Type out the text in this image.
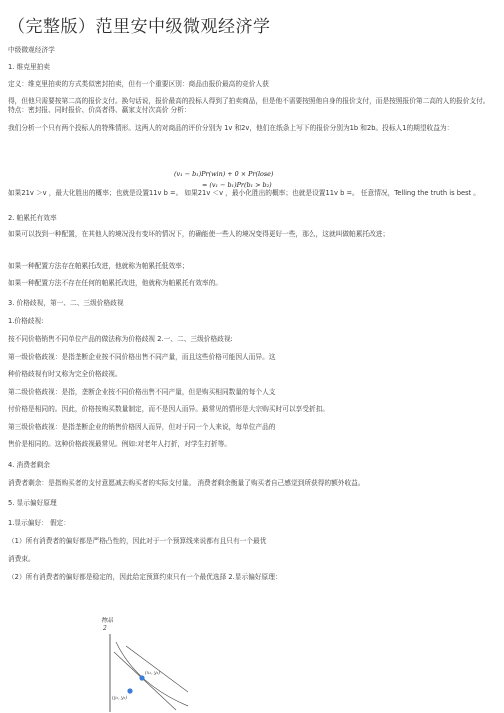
（完整版）范里安中级微观经济学

中级微观经济学

1. 维克里拍卖

定义：维克里拍卖的方式类似密封拍卖，但有一个重要区别：商品由报价最高的竞价人获

得，但他只需要按第二高的报价支付。换句话说，报价最高的投标人得到了拍卖商品，但是他不需要按照他自身的报价支付，而是按照报价第二高的人的报价支付。 特点：密封报、同时报价、价高者得、赢家支付次高价 分析：

我们分析一个只有两个投标人的特殊情形。这两人的对商品的评价分别为 1v 和2v，他们在纸条上写下的报价分别为1b 和2b。投标人1的期望收益为：

(v₁ − b₁)Pr(win) + 0 × Pr(lose)
= (v₁ − b₁)Pr(b₁ > b₂)

如果21v ＞v ，最大化胜出的概率；也就是设置11v b =。 如果21v ＜v ，最小化胜出的概率；也就是设置11v b =。 任意情况，Telling the truth is best 。

2. 帕累托有效率

如果可以找到一种配置，在其他人的境况没有变坏的情况下，的确能使一些人的境况变得更好一些，那么，这就叫做帕累托改进；

如果一种配置方法存在帕累托改进，他就称为帕累托低效率；

如果一种配置方法不存在任何的帕累托改进，他就称为帕累托有效率的。

3. 价格歧视，第一、二、三级价格歧视

1.价格歧视:

按不同价格销售不同单位产品的做法称为价格歧视 2.一、二、三级价格歧视:

第一级价格歧视：是指垄断企业按不同价格出售不同产量，而且这些价格可能因人而异。这

种价格歧视有时又称为完全价格歧视。

第二级价格歧视：是指，垄断企业按不同价格出售不同产量，但是购买相同数量的每个人支

付价格是相同的。因此，价格按购买数量制定，而不是因人而异。最常见的情形是大宗购买时可以享受折扣。

第三级价格歧视：是指垄断企业的销售价格因人而异，但对于同一个人来说，每单位产品的

售价是相同的。这种价格歧视最常见。例如:对老年人打折，对学生打折等。

4. 消费者剩余

消费者剩余：是指购买者的支付意愿减去购买者的实际支付量。 消费者剩余衡量了购买者自己感觉到所获得的额外收益。

5. 显示偏好原理

1.显示偏好： 假定：

（1）所有消费者的偏好都是严格凸性的，因此对于一个预算线来说都有且只有一个最优

消费束。

（2）所有消费者的偏好都是稳定的，因此给定预算约束只有一个最优选择 2.显示偏好原理：

物品
2
(x₁, y₁)
(y₁, y₂)
